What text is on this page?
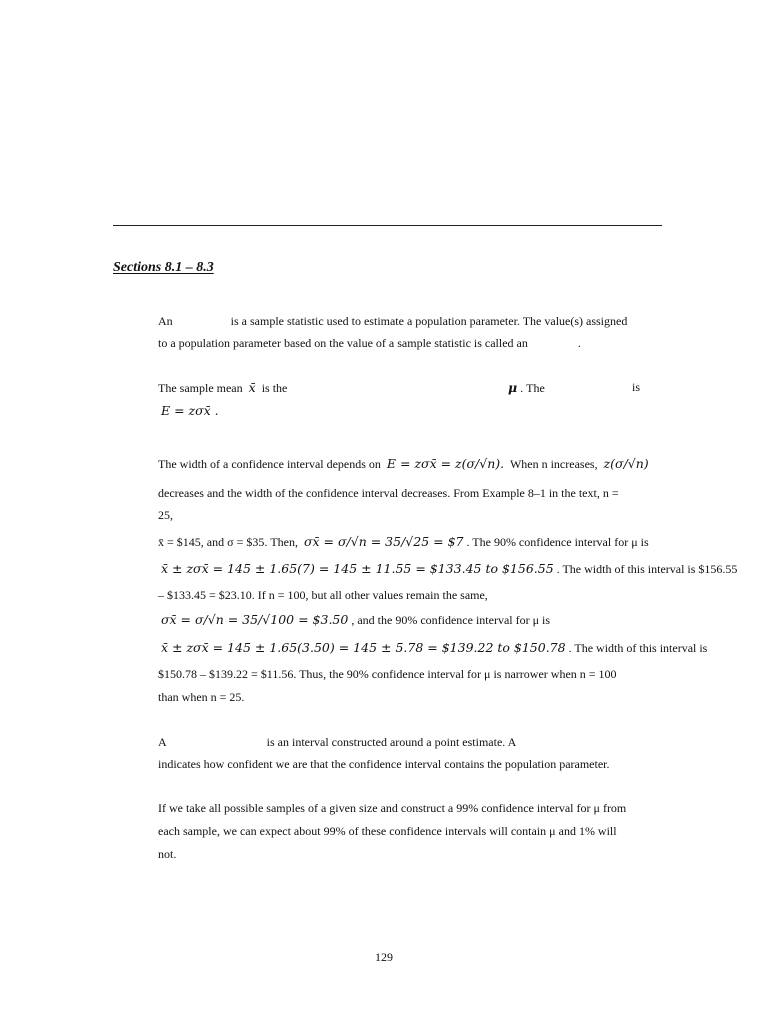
Sections 8.1 – 8.3
An	is a sample statistic used to estimate a population parameter. The value(s) assigned
to a population parameter based on the value of a sample statistic is called an	.
The sample mean x̄ is the	μ . The	is
E = zσx̄ .
The width of a confidence interval depends on E = zσx̄ = z(σ/√n). When n increases, z(σ/√n)
decreases and the width of the confidence interval decreases. From Example 8–1 in the text, n =
25,
x̄ = $145, and σ = $35. Then, σx̄ = σ/√n = 35/√25 = $7 . The 90% confidence interval for μ is
x̄ ± zσx̄ = 145 ± 1.65(7) = 145 ± 11.55 = $133.45 to $156.55 . The width of this interval is $156.55
– $133.45 = $23.10. If n = 100, but all other values remain the same,
σx̄ = σ/√n = 35/√100 = $3.50 , and the 90% confidence interval for μ is
x̄ ± zσx̄ = 145 ± 1.65(3.50) = 145 ± 5.78 = $139.22 to $150.78 . The width of this interval is
$150.78 – $139.22 = $11.56. Thus, the 90% confidence interval for μ is narrower when n = 100
than when n = 25.
A	is an interval constructed around a point estimate. A
indicates how confident we are that the confidence interval contains the population parameter.
If we take all possible samples of a given size and construct a 99% confidence interval for μ from
each sample, we can expect about 99% of these confidence intervals will contain μ and 1% will
not.
129
